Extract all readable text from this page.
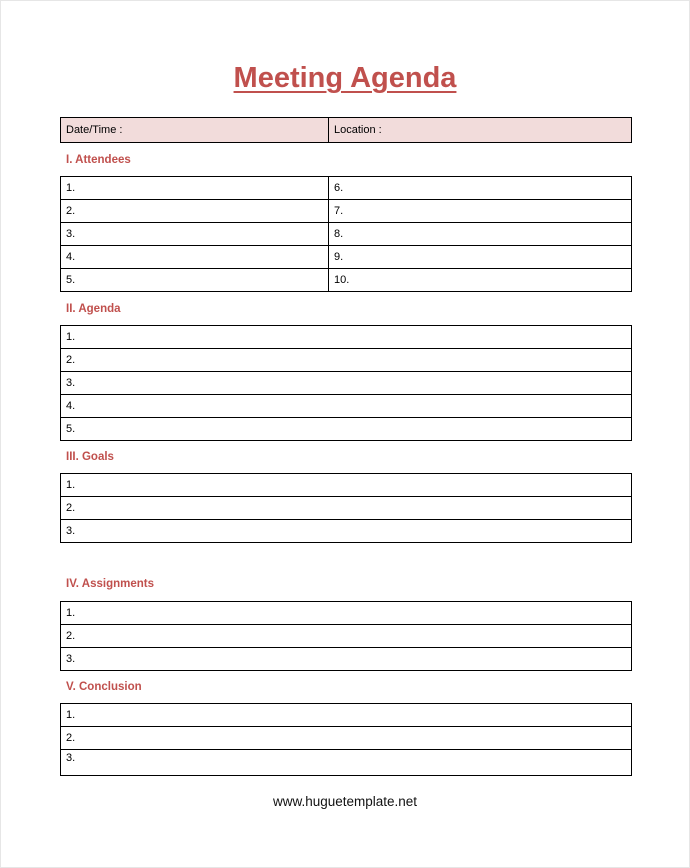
Meeting Agenda
Date/Time :	Location :
I. Attendees
1.	6.
2.	7.
3.	8.
4.	9.
5.	10.
II. Agenda
1.
2.
3.
4.
5.
III. Goals
1.
2.
3.
IV. Assignments
1.
2.
3.
V. Conclusion
1.
2.
3.
www.huguetemplate.net
